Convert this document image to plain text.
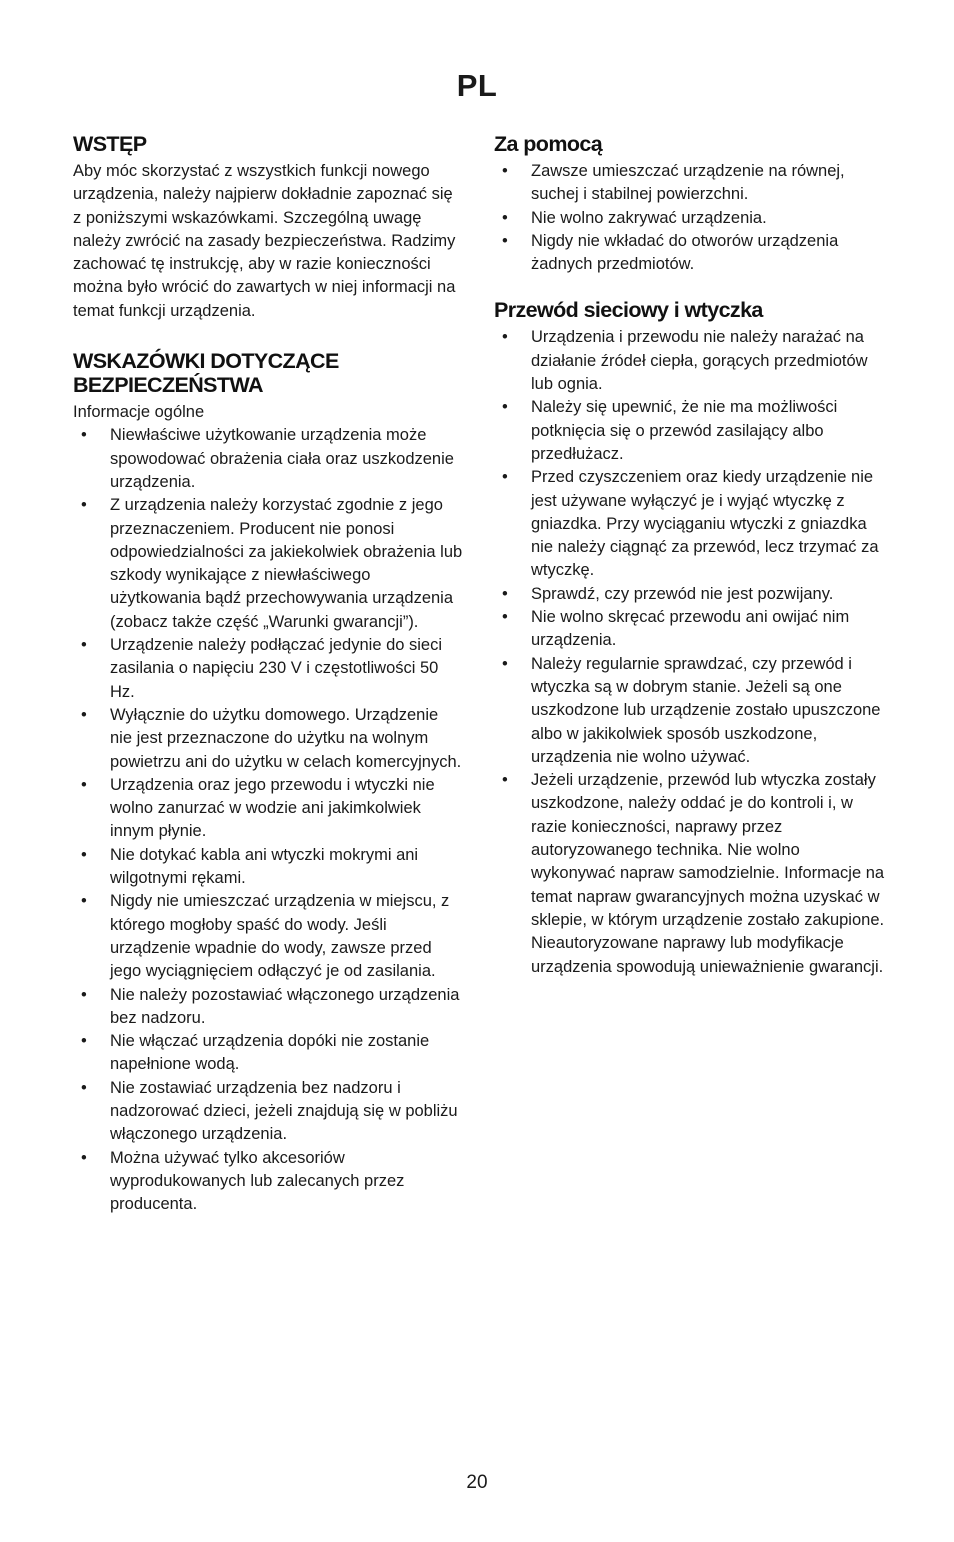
PL
WSTĘP

Aby móc skorzystać z wszystkich funkcji nowego urządzenia, należy najpierw dokładnie zapoznać się z poniższymi wskazówkami. Szczególną uwagę należy zwrócić na zasady bezpieczeństwa. Radzimy zachować tę instrukcję, aby w razie konieczności można było wrócić do zawartych w niej informacji na temat funkcji urządzenia.

WSKAZÓWKI DOTYCZĄCE
BEZPIECZEŃSTWA

Informacje ogólne

• Niewłaściwe użytkowanie urządzenia może spowodować obrażenia ciała oraz uszkodzenie urządzenia.
• Z urządzenia należy korzystać zgodnie z jego przeznaczeniem. Producent nie ponosi odpowiedzialności za jakiekolwiek obrażenia lub szkody wynikające z niewłaściwego użytkowania bądź przechowywania urządzenia (zobacz także część „Warunki gwarancji”).
• Urządzenie należy podłączać jedynie do sieci zasilania o napięciu 230 V i częstotliwości 50 Hz.
• Wyłącznie do użytku domowego. Urządzenie nie jest przeznaczone do użytku na wolnym powietrzu ani do użytku w celach komercyjnych.
• Urządzenia oraz jego przewodu i wtyczki nie wolno zanurzać w wodzie ani jakimkolwiek innym płynie.
• Nie dotykać kabla ani wtyczki mokrymi ani wilgotnymi rękami.
• Nigdy nie umieszczać urządzenia w miejscu, z którego mogłoby spaść do wody. Jeśli urządzenie wpadnie do wody, zawsze przed jego wyciągnięciem odłączyć je od zasilania.
• Nie należy pozostawiać włączonego urządzenia bez nadzoru.
• Nie włączać urządzenia dopóki nie zostanie napełnione wodą.
• Nie zostawiać urządzenia bez nadzoru i nadzorować dzieci, jeżeli znajdują się w pobliżu włączonego urządzenia.
• Można używać tylko akcesoriów wyprodukowanych lub zalecanych przez producenta.
Za pomocą
• Zawsze umieszczać urządzenie na równej, suchej i stabilnej powierzchni.
• Nie wolno zakrywać urządzenia.
• Nigdy nie wkładać do otworów urządzenia żadnych przedmiotów.
Przewód sieciowy i wtyczka
• Urządzenia i przewodu nie należy narażać na działanie źródeł ciepła, gorących przedmiotów lub ognia.
• Należy się upewnić, że nie ma możliwości potknięcia się o przewód zasilający albo przedłużacz.
• Przed czyszczeniem oraz kiedy urządzenie nie jest używane wyłączyć je i wyjąć wtyczkę z gniazdka. Przy wyciąganiu wtyczki z gniazdka nie należy ciągnąć za przewód, lecz trzymać za wtyczkę.
• Sprawdź, czy przewód nie jest pozwijany.
• Nie wolno skręcać przewodu ani owijać nim urządzenia.
• Należy regularnie sprawdzać, czy przewód i wtyczka są w dobrym stanie. Jeżeli są one uszkodzone lub urządzenie zostało upuszczone albo w jakikolwiek sposób uszkodzone, urządzenia nie wolno używać.
• Jeżeli urządzenie, przewód lub wtyczka zostały uszkodzone, należy oddać je do kontroli i, w razie konieczności, naprawy przez autoryzowanego technika. Nie wolno wykonywać napraw samodzielnie. Informacje na temat napraw gwarancyjnych można uzyskać w sklepie, w którym urządzenie zostało zakupione. Nieautoryzowane naprawy lub modyfikacje urządzenia spowodują unieważnienie gwarancji.
20
